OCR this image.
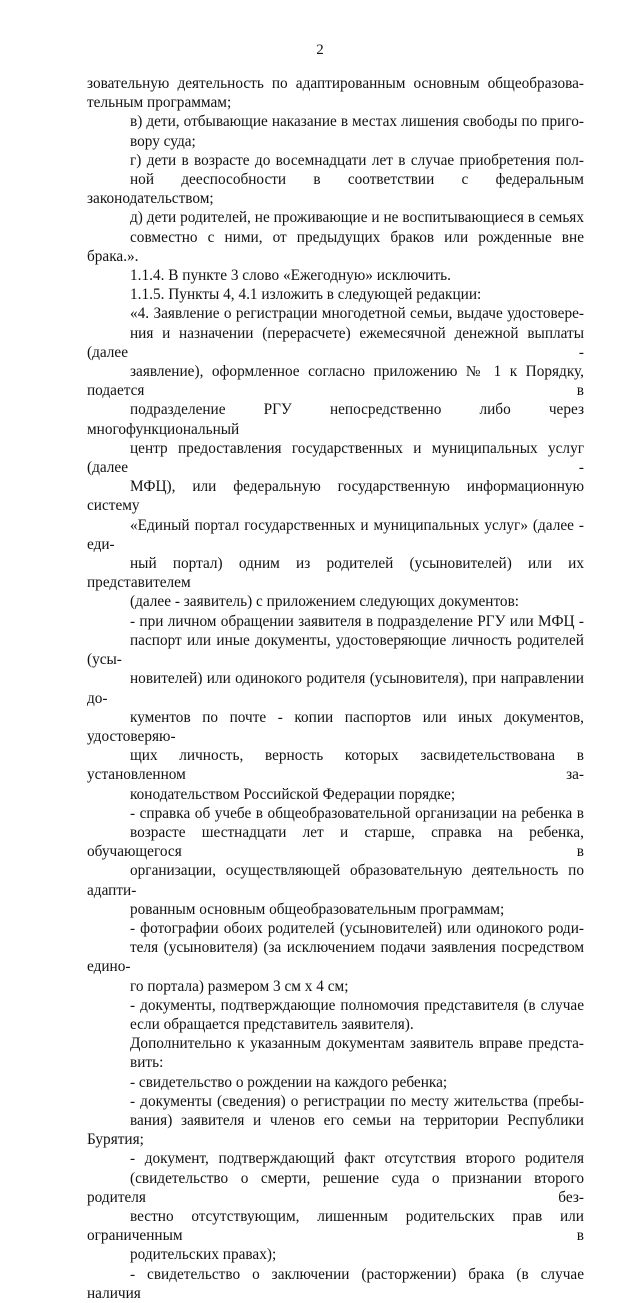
2
зовательную деятельность по адаптированным основным общеобразова-
тельным программам;
в) дети, отбывающие наказание в местах лишения свободы по приго-
вору суда;
г) дети в возрасте до восемнадцати лет в случае приобретения пол-
ной дееспособности в соответствии с федеральным законодательством;
д) дети родителей, не проживающие и не воспитывающиеся в семьях
совместно с ними, от предыдущих браков или рожденные вне брака.».
1.1.4. В пункте 3 слово «Ежегодную» исключить.
1.1.5. Пункты 4, 4.1 изложить в следующей редакции:
«4. Заявление о регистрации многодетной семьи, выдаче удостовере-
ния и назначении (перерасчете) ежемесячной денежной выплаты (далее -
заявление), оформленное согласно приложению № 1 к Порядку, подается в
подразделение РГУ непосредственно либо через многофункциональный
центр предоставления государственных и муниципальных услуг (далее -
МФЦ), или федеральную государственную информационную систему
«Единый портал государственных и муниципальных услуг» (далее - еди-
ный портал) одним из родителей (усыновителей) или их представителем
(далее - заявитель) с приложением следующих документов:
- при личном обращении заявителя в подразделение РГУ или МФЦ -
паспорт или иные документы, удостоверяющие личность родителей (усы-
новителей) или одинокого родителя (усыновителя), при направлении до-
кументов по почте - копии паспортов или иных документов, удостоверяю-
щих личность, верность которых засвидетельствована в установленном за-
конодательством Российской Федерации порядке;
- справка об учебе в общеобразовательной организации на ребенка в
возрасте шестнадцати лет и старше, справка на ребенка, обучающегося в
организации, осуществляющей образовательную деятельность по адапти-
рованным основным общеобразовательным программам;
- фотографии обоих родителей (усыновителей) или одинокого роди-
теля (усыновителя) (за исключением подачи заявления посредством едино-
го портала) размером 3 см х 4 см;
- документы, подтверждающие полномочия представителя (в случае
если обращается представитель заявителя).
Дополнительно к указанным документам заявитель вправе предста-
вить:
- свидетельство о рождении на каждого ребенка;
- документы (сведения) о регистрации по месту жительства (пребы-
вания) заявителя и членов его семьи на территории Республики Бурятия;
- документ, подтверждающий факт отсутствия второго родителя
(свидетельство о смерти, решение суда о признании второго родителя без-
вестно отсутствующим, лишенным родительских прав или ограниченным в
родительских правах);
- свидетельство о заключении (расторжении) брака (в случае наличия
